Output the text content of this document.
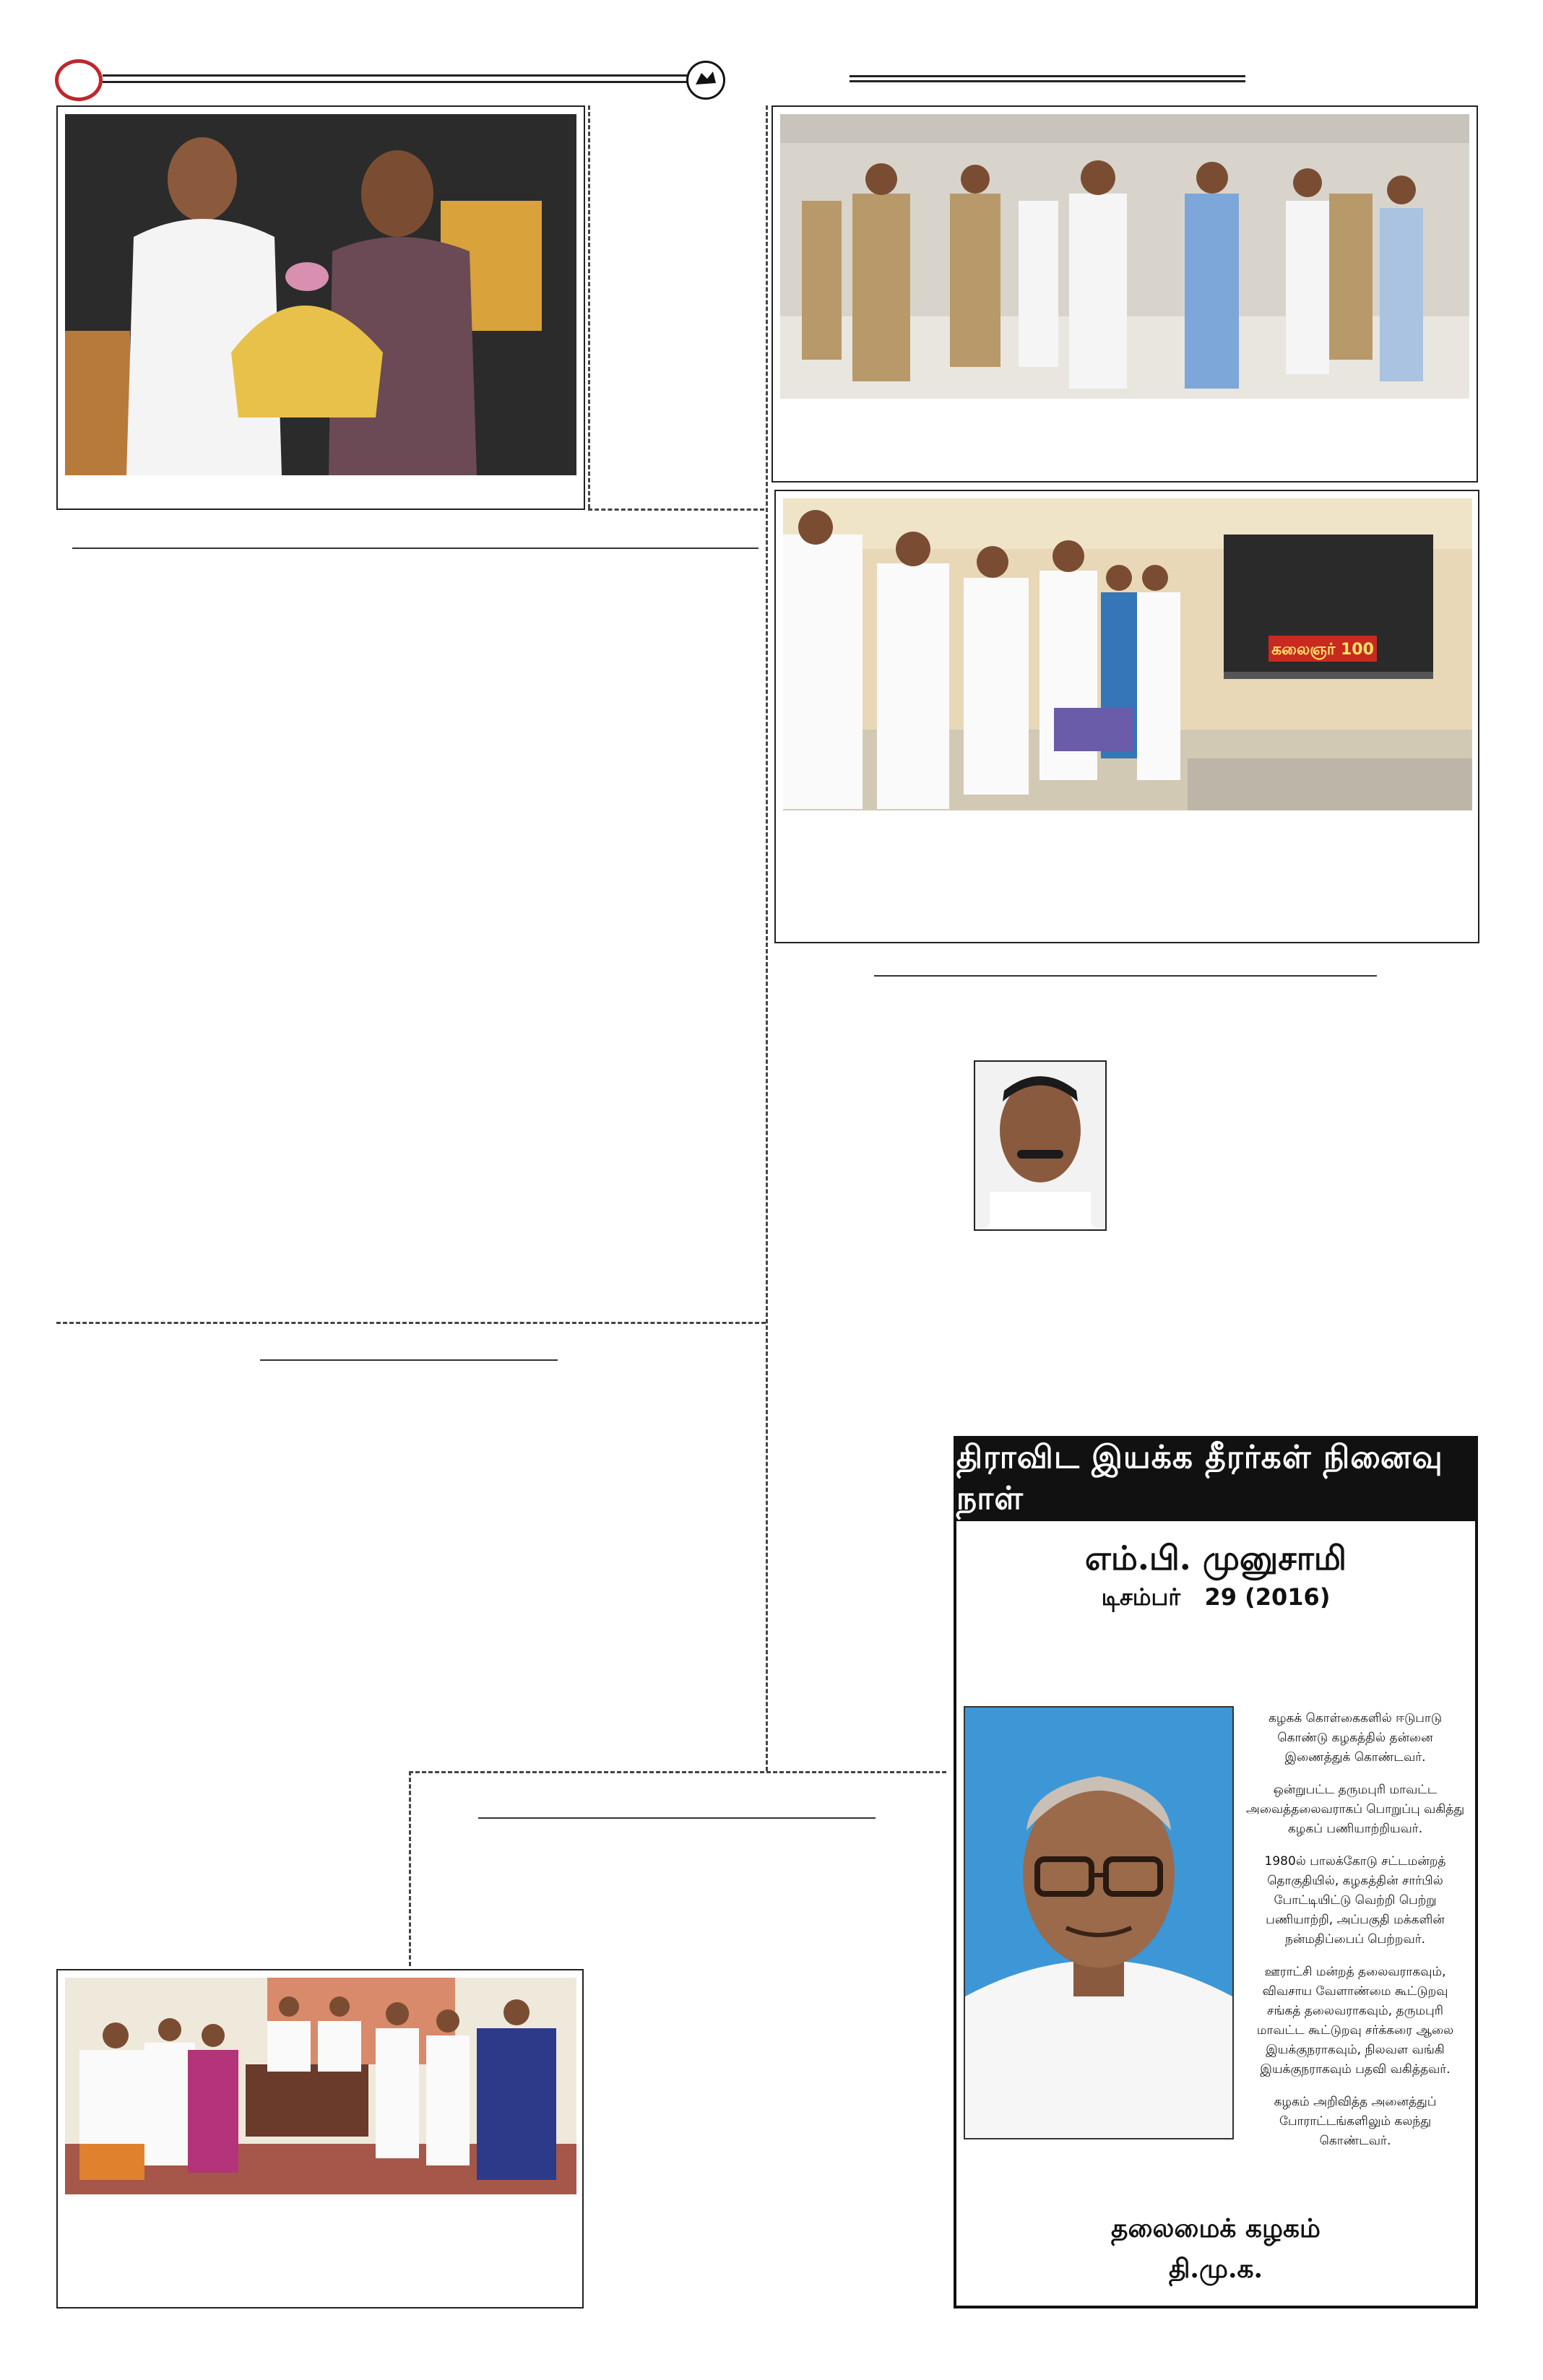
கலைஞர் 100
திராவிட இயக்க தீரர்கள் நினைவு நாள்
எம்.பி. முனுசாமி
டிசம்பர்   29 (2016)

கழகக் கொள்கைகளில் ஈடுபாடு கொண்டு கழகத்தில் தன்னை இணைத்துக் கொண்டவர்.

ஒன்றுபட்ட தருமபுரி மாவட்ட அவைத்தலைவராகப் பொறுப்பு வகித்து கழகப் பணியாற்றியவர்.

1980ல் பாலக்கோடு சட்டமன்றத் தொகுதியில், கழகத்தின் சார்பில் போட்டியிட்டு வெற்றி பெற்று பணியாற்றி, அப்பகுதி மக்களின் நன்மதிப்பைப் பெற்றவர்.

ஊராட்சி மன்றத் தலைவராகவும், விவசாய வேளாண்மை கூட்டுறவு சங்கத் தலைவராகவும், தருமபுரி மாவட்ட கூட்டுறவு சர்க்கரை ஆலை இயக்குநராகவும், நிலவள வங்கி இயக்குநராகவும் பதவி வகித்தவர்.

கழகம் அறிவித்த அனைத்துப் போராட்டங்களிலும் கலந்து கொண்டவர்.

தலைமைக் கழகம்
தி.மு.க.
